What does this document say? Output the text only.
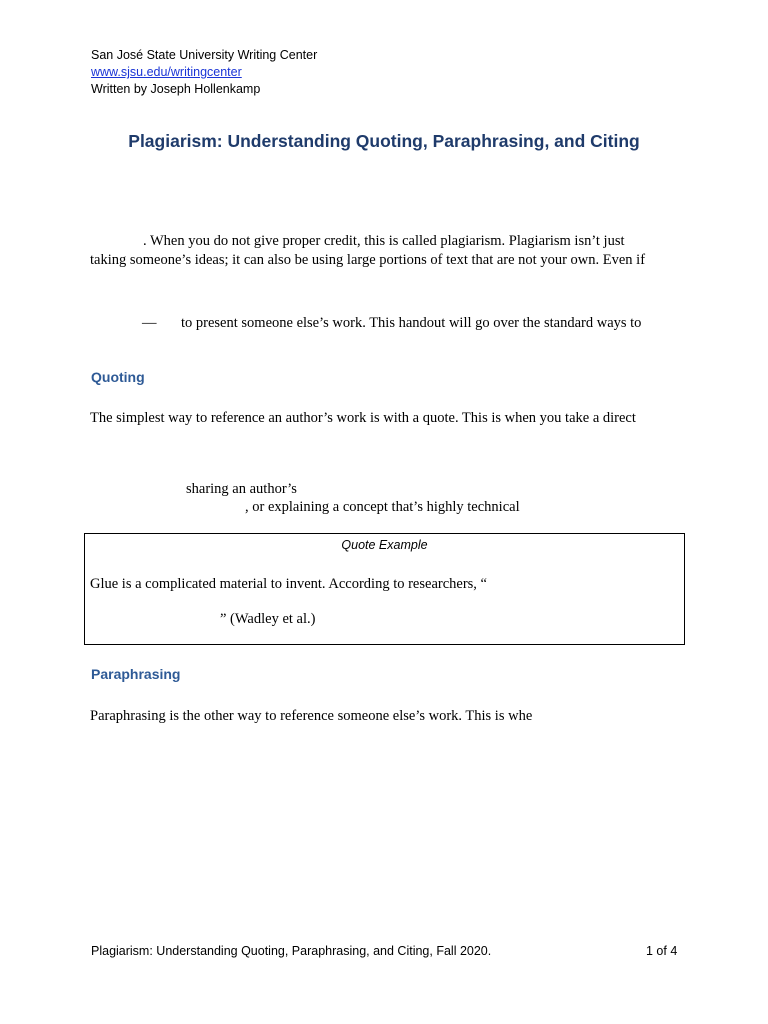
San José State University Writing Center
www.sjsu.edu/writingcenter
Written by Joseph Hollenkamp
Plagiarism: Understanding Quoting, Paraphrasing, and Citing
. When you do not give proper credit, this is called plagiarism. Plagiarism isn’t just
taking someone’s ideas; it can also be using large portions of text that are not your own. Even if
— to present someone else’s work. This handout will go over the standard ways to
Quoting
The simplest way to reference an author’s work is with a quote. This is when you take a direct
sharing an author’s
, or explaining a concept that’s highly technical
Quote Example
Glue is a complicated material to invent. According to researchers, “
” (Wadley et al.)
Paraphrasing
Paraphrasing is the other way to reference someone else’s work. This is whe
Plagiarism: Understanding Quoting, Paraphrasing, and Citing, Fall 2020.	1 of 4
